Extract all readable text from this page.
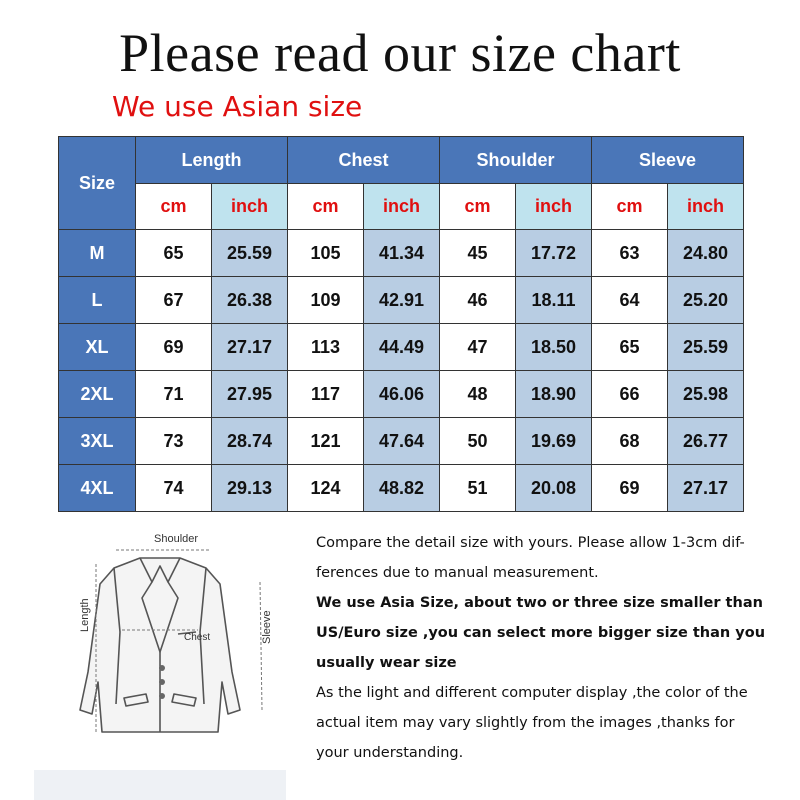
Please read our size chart
We use Asian size
Size	Length		Chest		Shoulder		Sleeve	
	cm	inch	cm	inch	cm	inch	cm	inch
M	65	25.59	105	41.34	45	17.72	63	24.80
L	67	26.38	109	42.91	46	18.11	64	25.20
XL	69	27.17	113	44.49	47	18.50	65	25.59
2XL	71	27.95	117	46.06	48	18.90	66	25.98
3XL	73	28.74	121	47.64	50	19.69	68	26.77
4XL	74	29.13	124	48.82	51	20.08	69	27.17
Shoulder
Length
Chest	Sleeve

Compare the detail size with yours. Please allow 1-3cm dif-

ferences due to manual measurement.

We use Asia Size, about two or three size smaller than

US/Euro size ,you can select more bigger size than you

usually wear size

As the light and different computer display ,the color of the

actual item may vary slightly from the images ,thanks for

your understanding.
